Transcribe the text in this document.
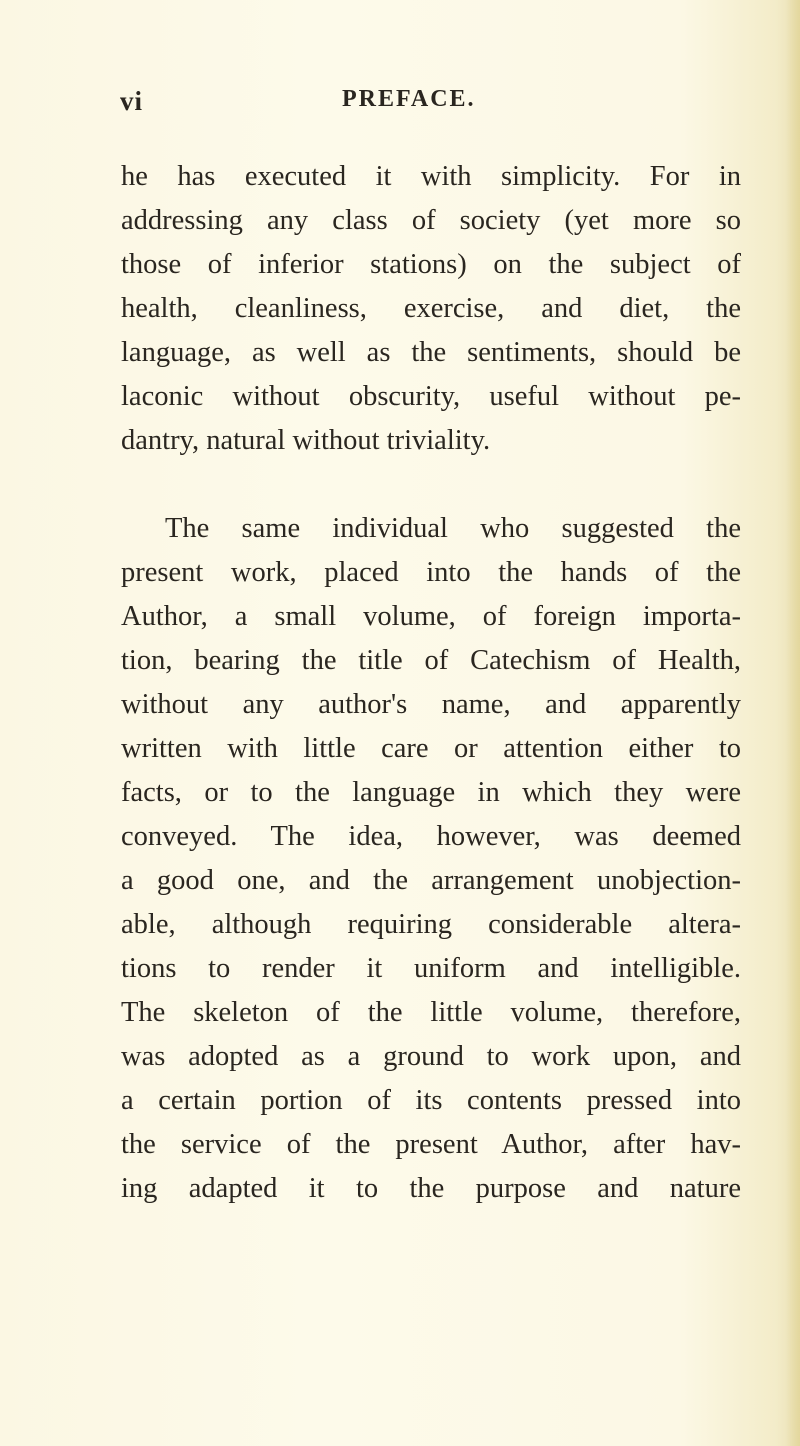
vi	PREFACE.
he has executed it with simplicity. For in
addressing any class of society (yet more so
those of inferior stations) on the subject of
health, cleanliness, exercise, and diet, the
language, as well as the sentiments, should be
laconic without obscurity, useful without pe-
dantry, natural without triviality.
The same individual who suggested the
present work, placed into the hands of the
Author, a small volume, of foreign importa-
tion, bearing the title of Catechism of Health,
without any author's name, and apparently
written with little care or attention either to
facts, or to the language in which they were
conveyed. The idea, however, was deemed
a good one, and the arrangement unobjection-
able, although requiring considerable altera-
tions to render it uniform and intelligible.
The skeleton of the little volume, therefore,
was adopted as a ground to work upon, and
a certain portion of its contents pressed into
the service of the present Author, after hav-
ing adapted it to the purpose and nature
